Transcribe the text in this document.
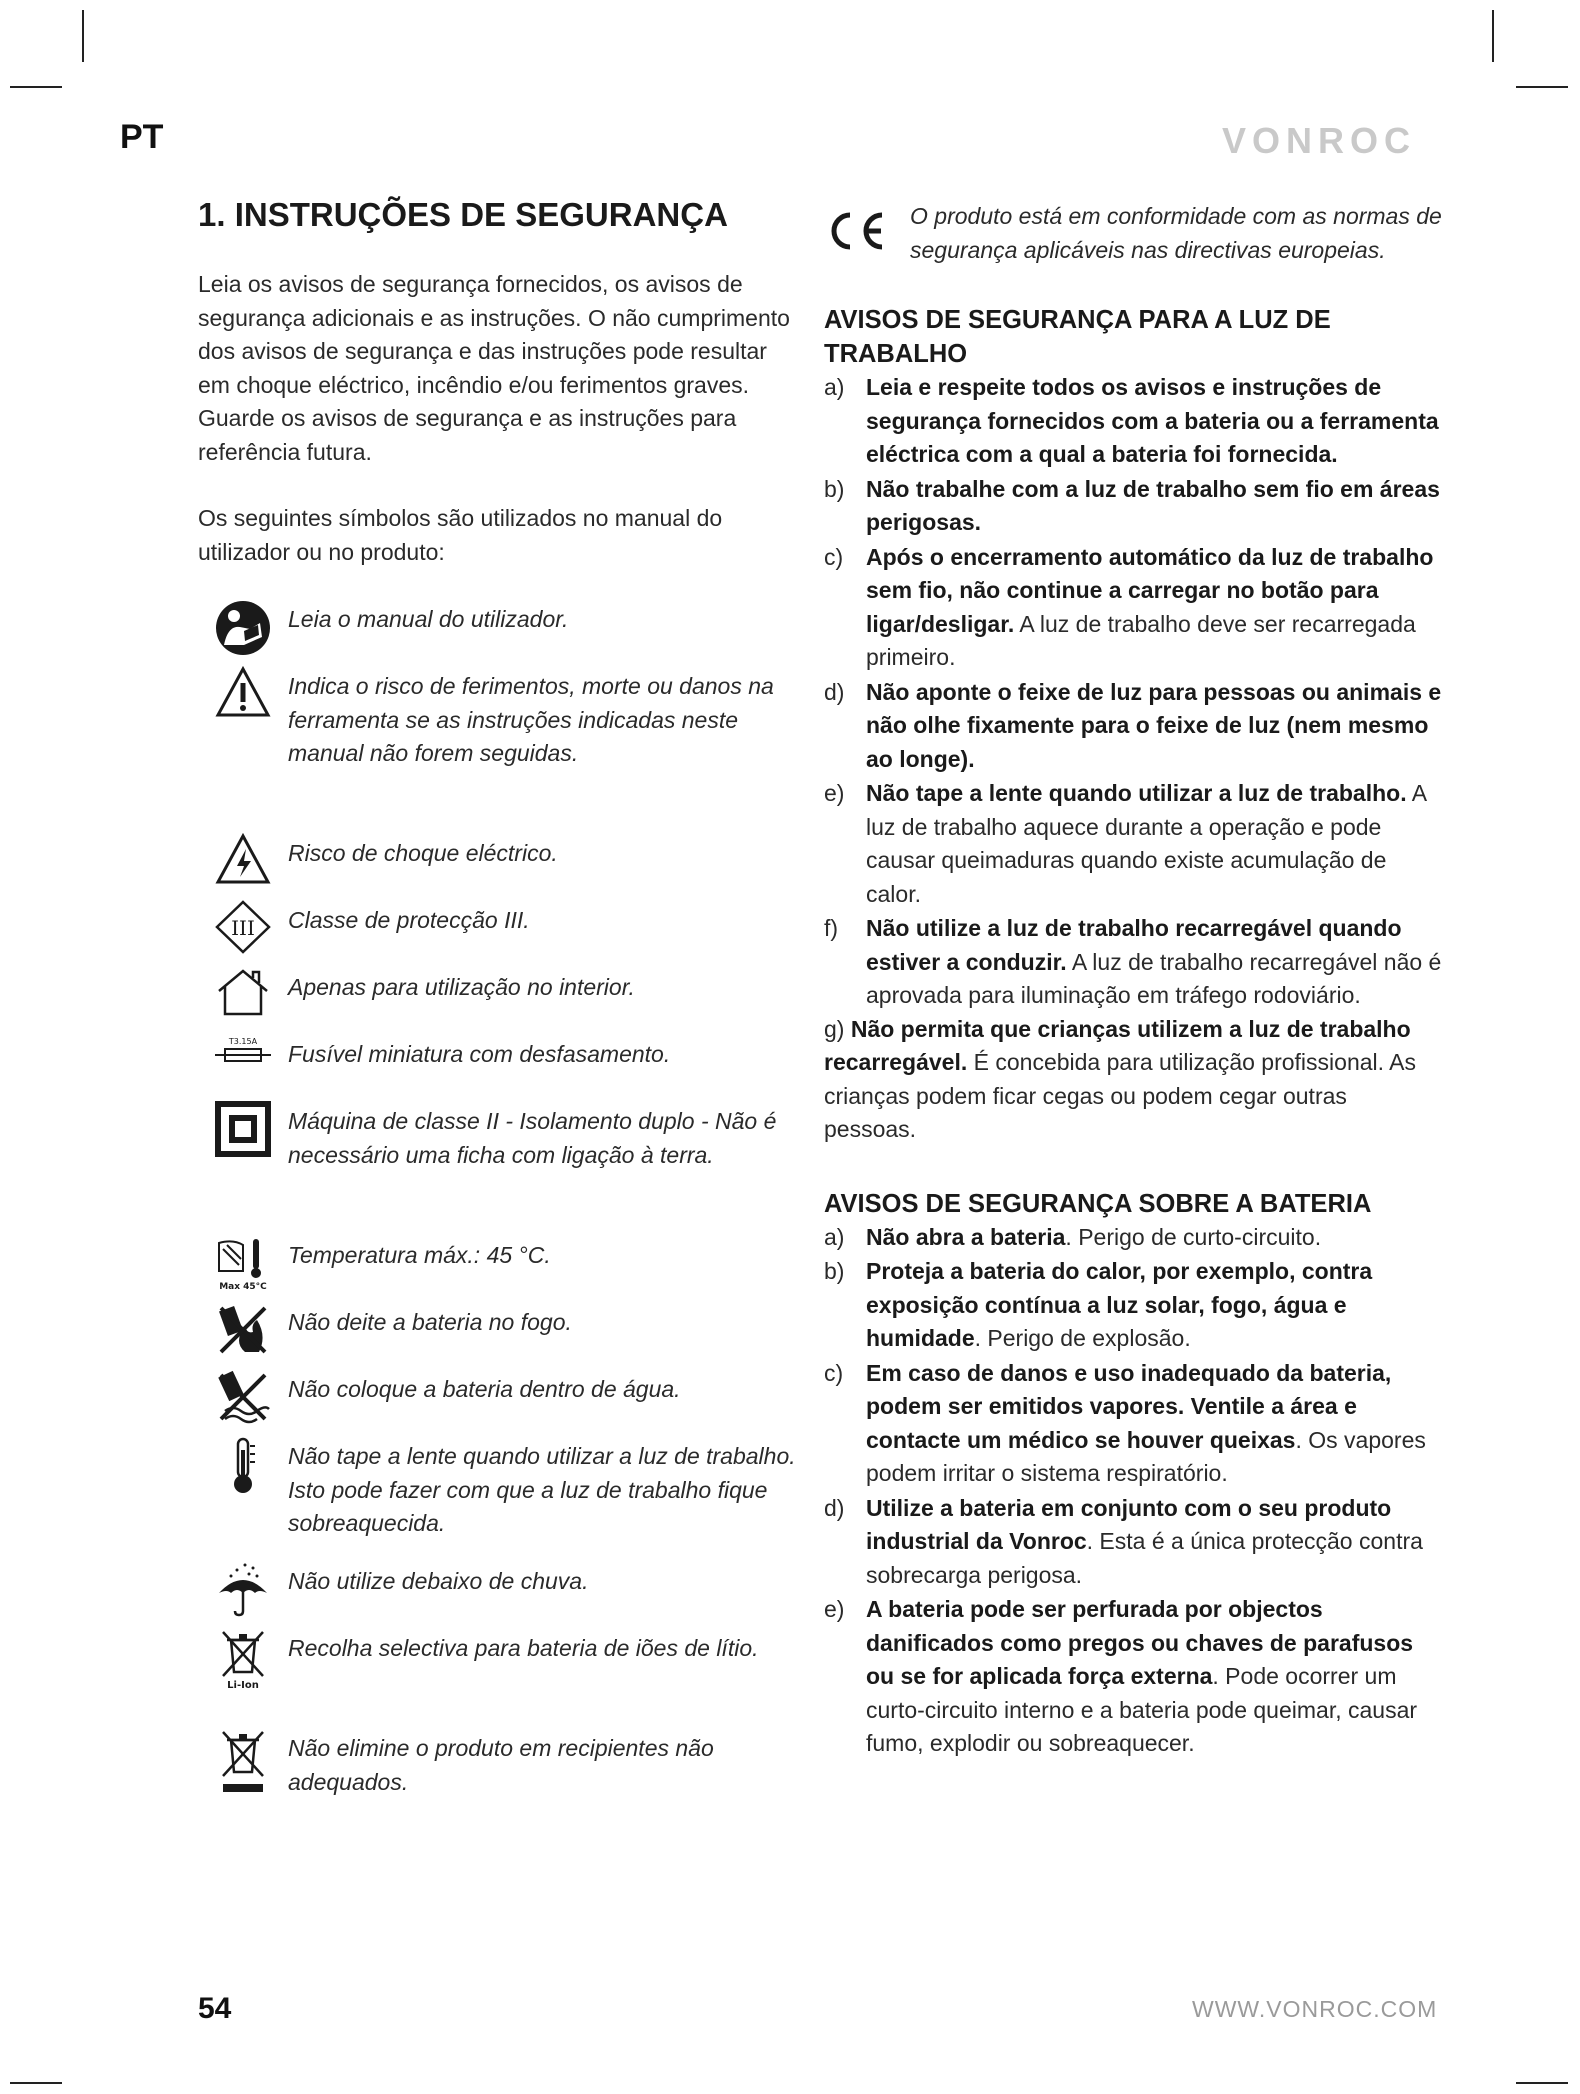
PT	VONROC
1. INSTRUÇÕES DE SEGURANÇA

Leia os avisos de segurança fornecidos, os avisos de segurança adicionais e as instruções. O não cumprimento dos avisos de segurança e das instruções pode resultar em choque eléctrico, incêndio e/ou ferimentos graves. Guarde os avisos de segurança e as instruções para referência futura.

Os seguintes símbolos são utilizados no manual do utilizador ou no produto:

Leia o manual do utilizador.
Indica o risco de ferimentos, morte ou danos na ferramenta se as instruções indicadas neste manual não forem seguidas.
Risco de choque eléctrico.
III Classe de protecção III.
Apenas para utilização no interior.
T3.15A Fusível miniatura com desfasamento.
Máquina de classe II - Isolamento duplo - Não é necessário uma ficha com ligação à terra.
Max 45°C
Temperatura máx.: 45 °C.
Não deite a bateria no fogo.
Não coloque a bateria dentro de água.
Não tape a lente quando utilizar a luz de trabalho. Isto pode fazer com que a luz de trabalho fique sobreaquecida.
Não utilize debaixo de chuva.
Li-Ion
Recolha selectiva para bateria de iões de lítio.
Não elimine o produto em recipientes não adequados.
O produto está em conformidade com as normas de segurança aplicáveis nas directivas europeias.
AVISOS DE SEGURANÇA PARA A LUZ DE TRABALHO
a) Leia e respeite todos os avisos e instruções de segurança fornecidos com a bateria ou a ferramenta eléctrica com a qual a bateria foi fornecida.
b) Não trabalhe com a luz de trabalho sem fio em áreas perigosas.
c) Após o encerramento automático da luz de trabalho sem fio, não continue a carregar no botão para ligar/desligar. A luz de trabalho deve ser recarregada primeiro.
d) Não aponte o feixe de luz para pessoas ou animais e não olhe fixamente para o feixe de luz (nem mesmo ao longe).
e) Não tape a lente quando utilizar a luz de trabalho. A luz de trabalho aquece durante a operação e pode causar queimaduras quando existe acumulação de calor.
f)	Não utilize a luz de trabalho recarregável quando estiver a conduzir. A luz de trabalho recarregável não é aprovada para iluminação em tráfego rodoviário.
g) Não permita que crianças utilizem a luz de trabalho recarregável. É concebida para utilização profissional. As crianças podem ficar cegas ou podem cegar outras pessoas.
AVISOS DE SEGURANÇA SOBRE A BATERIA
a) Não abra a bateria. Perigo de curto-circuito.
b) Proteja a bateria do calor, por exemplo, contra exposição contínua a luz solar, fogo, água e humidade. Perigo de explosão.
c) Em caso de danos e uso inadequado da bateria, podem ser emitidos vapores. Ventile a área e contacte um médico se houver queixas. Os vapores podem irritar o sistema respiratório.
d) Utilize a bateria em conjunto com o seu produto industrial da Vonroc. Esta é a única protecção contra sobrecarga perigosa.
e) A bateria pode ser perfurada por objectos danificados como pregos ou chaves de parafusos ou se for aplicada força externa. Pode ocorrer um curto-circuito interno e a bateria pode queimar, causar fumo, explodir ou sobreaquecer.
54	WWW.VONROC.COM
